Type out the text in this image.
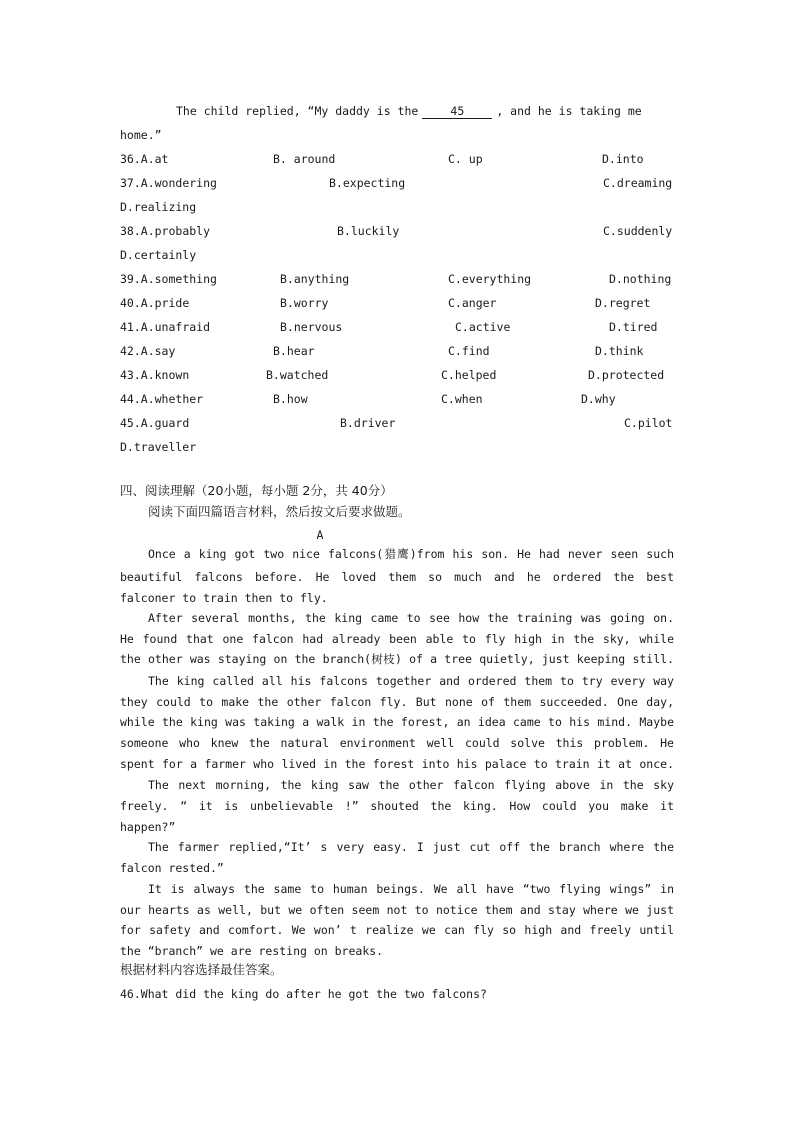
The child replied, “My daddy is the	45	, and he is taking me
home.”
36.A.at	B. around	C. up	D.into
37.A.wondering	B.expecting	C.dreaming
D.realizing
38.A.probably	B.luckily	C.suddenly
D.certainly
39.A.something	B.anything	C.everything	D.nothing
40.A.pride	B.worry	C.anger	D.regret
41.A.unafraid	B.nervous	C.active	D.tired
42.A.say	B.hear	C.find	D.think
43.A.known	B.watched	C.helped	D.protected
44.A.whether	B.how	C.when	D.why
45.A.guard	B.driver	C.pilot
D.traveller
四、阅读理解（20小题，每小题 2分，共 40分）
阅读下面四篇语言材料，然后按文后要求做题。
A
Once a king got two nice falcons(猎鹰)from his son. He had never seen such
beautiful falcons before. He loved them so much and he ordered the best
falconer to train then to fly.
After several months, the king came to see how the training was going on.
He found that one falcon had already been able to fly high in the sky, while
the other was staying on the branch(树枝) of a tree quietly, just keeping still.
The king called all his falcons together and ordered them to try every way
they could to make the other falcon fly. But none of them succeeded. One day,
while the king was taking a walk in the forest, an idea came to his mind. Maybe
someone who knew the natural environment well could solve this problem. He
spent for a farmer who lived in the forest into his palace to train it at once.
The next morning, the king saw the other falcon flying above in the sky
freely. “ it is unbelievable !” shouted the king. How could you make it
happen?”
The farmer replied,“It’ s very easy. I just cut off the branch where the
falcon rested.”
It is always the same to human beings. We all have “two flying wings” in
our hearts as well, but we often seem not to notice them and stay where we just
for safety and comfort. We won’ t realize we can fly so high and freely until
the “branch” we are resting on breaks.
根据材料内容选择最佳答案。
46.What did the king do after he got the two falcons?
